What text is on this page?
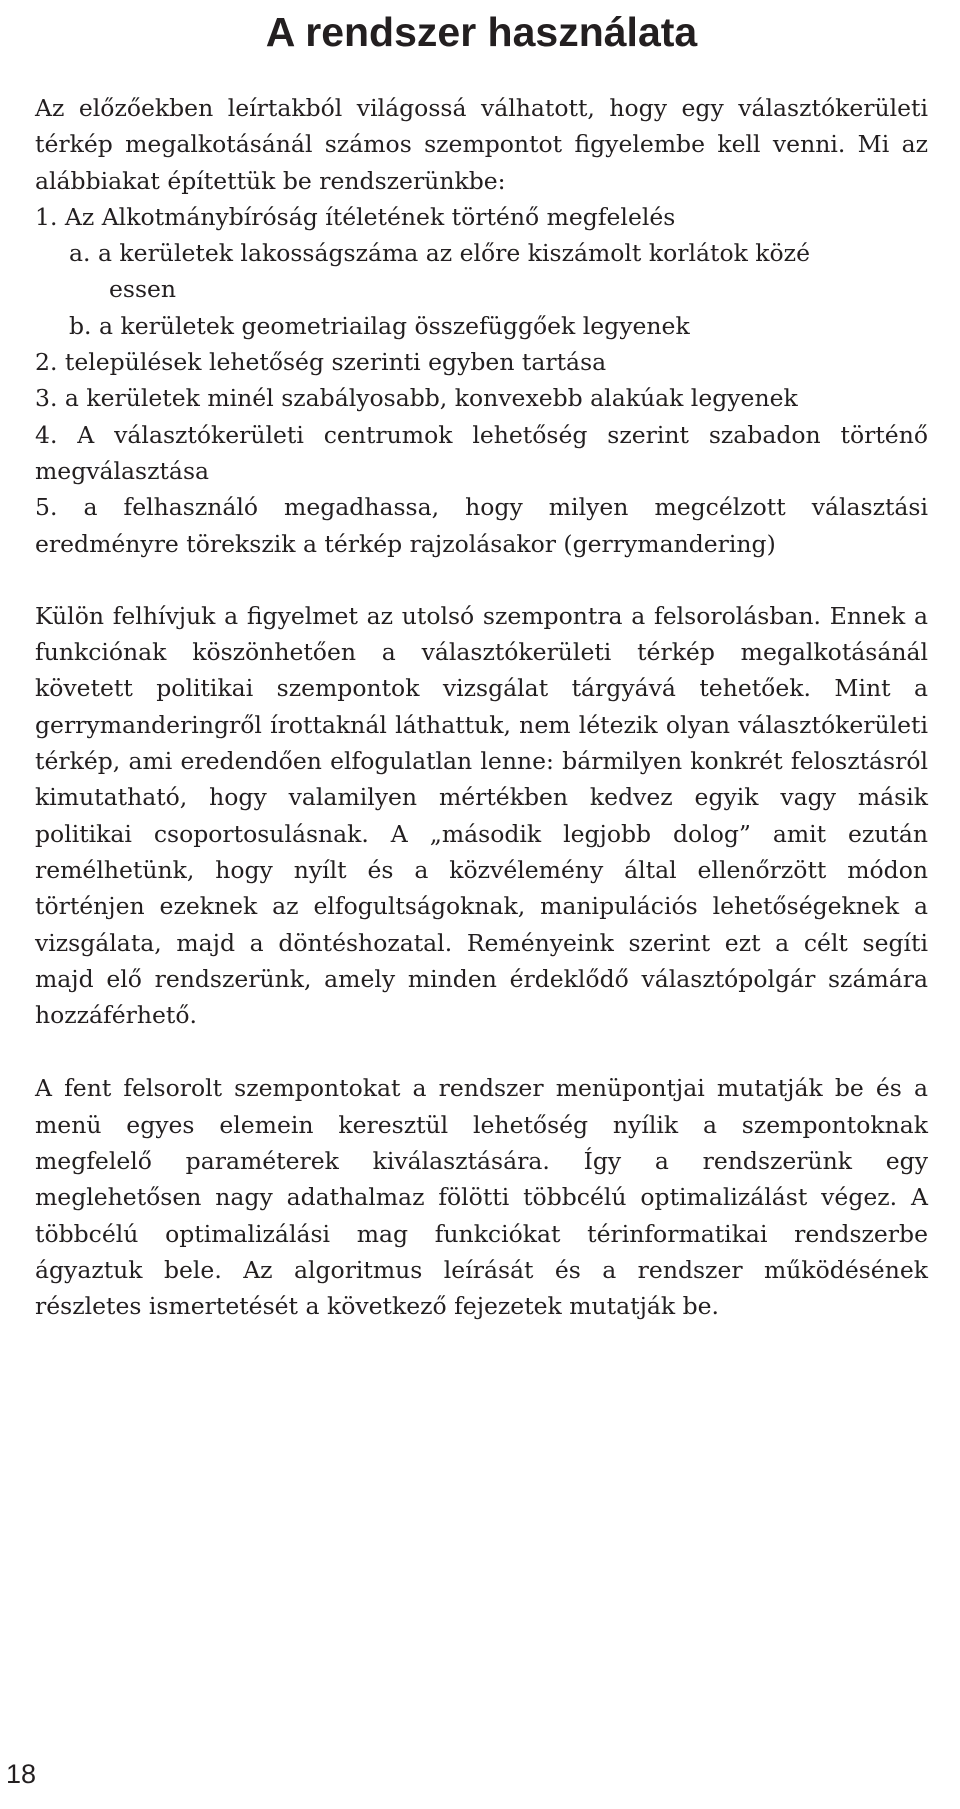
A rendszer használata

Az előzőekben leírtakból világossá válhatott, hogy egy választókerületi térkép megalkotásánál számos szempontot figyelembe kell venni. Mi az alábbiakat építettük be rendszerünkbe:

1. Az Alkotmánybíróság ítéletének történő megfelelés
a. a kerületek lakosságszáma az előre kiszámolt korlátok közé
essen
b. a kerületek geometriailag összefüggőek legyenek
2. települések lehetőség szerinti egyben tartása
3. a kerületek minél szabályosabb, konvexebb alakúak legyenek
4. A választókerületi centrumok lehetőség szerint szabadon történő megválasztása
5. a felhasználó megadhassa, hogy milyen megcélzott választási eredményre törekszik a térkép rajzolásakor (gerrymandering)

Külön felhívjuk a figyelmet az utolsó szempontra a felsorolásban. Ennek a funkciónak köszönhetően a választókerületi térkép megalkotásánál követett politikai szempontok vizsgálat tárgyává tehetőek. Mint a gerrymanderingről írottaknál láthattuk, nem létezik olyan választókerületi térkép, ami eredendően elfogulatlan lenne: bármilyen konkrét felosztásról kimutatható, hogy valamilyen mértékben kedvez egyik vagy másik politikai csoportosulásnak. A „második legjobb dolog” amit ezután remélhetünk, hogy nyílt és a közvélemény által ellenőrzött módon történjen ezeknek az elfogultságoknak, manipulációs lehetőségeknek a vizsgálata, majd a döntéshozatal. Reményeink szerint ezt a célt segíti majd elő rendszerünk, amely minden érdeklődő választópolgár számára hozzáférhető.

A fent felsorolt szempontokat a rendszer menüpontjai mutatják be és a menü egyes elemein keresztül lehetőség nyílik a szempontoknak megfelelő paraméterek kiválasztására. Így a rendszerünk egy meglehetősen nagy adathalmaz fölötti többcélú optimalizálást végez. A többcélú optimalizálási mag funkciókat térinformatikai rendszerbe ágyaztuk bele. Az algoritmus leírását és a rendszer működésének részletes ismertetését a következő fejezetek mutatják be.

18
